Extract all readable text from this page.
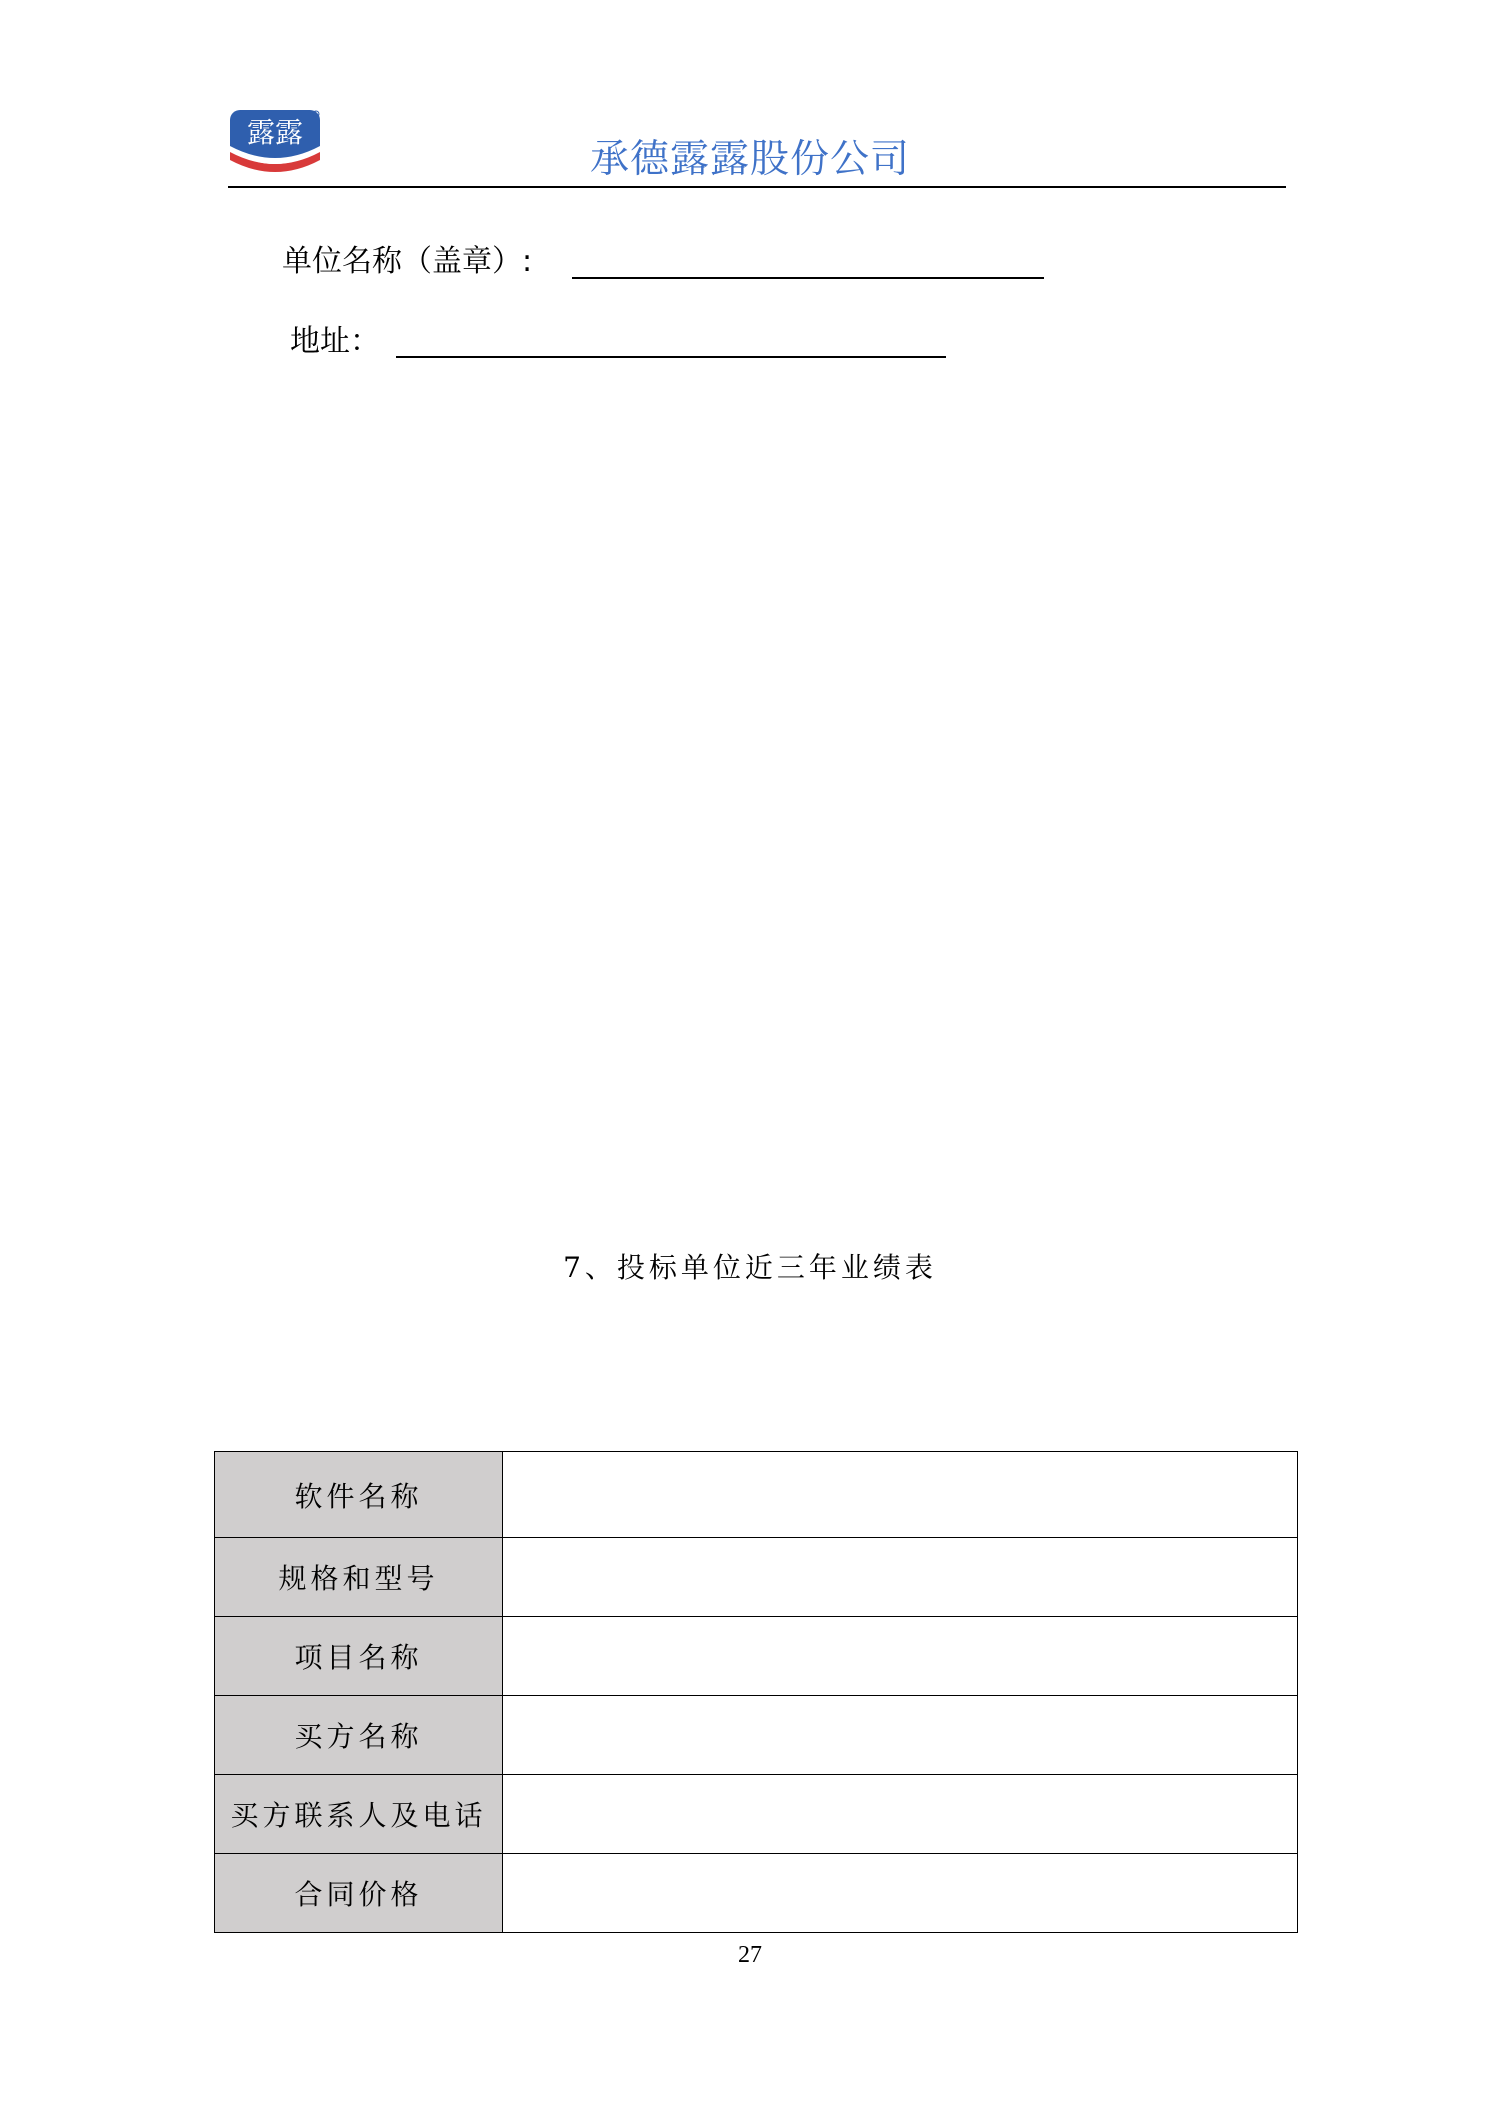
露露
承德露露股份公司
单位名称（盖章）:
地址：
7、投标单位近三年业绩表
软件名称	
规格和型号	
项目名称	
买方名称	
买方联系人及电话	
合同价格	
27
